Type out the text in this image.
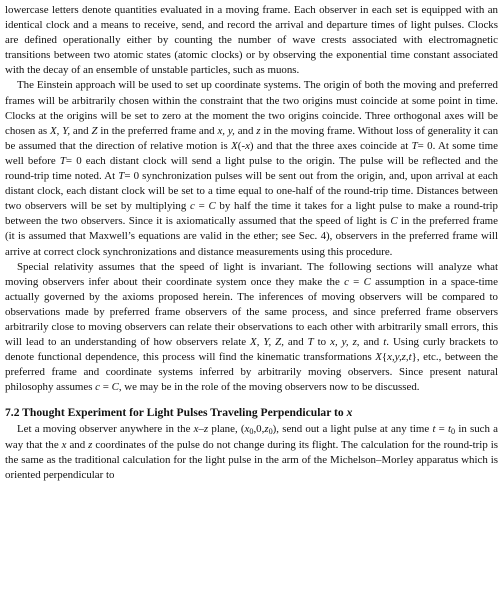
lowercase letters denote quantities evaluated in a moving frame. Each observer in each set is equipped with an identical clock and a means to receive, send, and record the arrival and departure times of light pulses. Clocks are defined operationally either by counting the number of wave crests associated with electromagnetic transitions between two atomic states (atomic clocks) or by observing the exponential time constant associated with the decay of an ensemble of unstable particles, such as muons.

The Einstein approach will be used to set up coordinate systems. The origin of both the moving and preferred frames will be arbitrarily chosen within the constraint that the two origins must coincide at some point in time. Clocks at the origins will be set to zero at the moment the two origins coincide. Three orthogonal axes will be chosen as X, Y, and Z in the preferred frame and x, y, and z in the moving frame. Without loss of generality it can be assumed that the direction of relative motion is X(-x) and that the three axes coincide at T= 0. At some time well before T= 0 each distant clock will send a light pulse to the origin. The pulse will be reflected and the round-trip time noted. At T= 0 synchronization pulses will be sent out from the origin, and, upon arrival at each distant clock, each distant clock will be set to a time equal to one-half of the round-trip time. Distances between two observers will be set by multiplying c = C by half the time it takes for a light pulse to make a round-trip between the two observers. Since it is axiomatically assumed that the speed of light is C in the preferred frame (it is assumed that Maxwell’s equations are valid in the ether; see Sec. 4), observers in the preferred frame will arrive at correct clock synchronizations and distance measurements using this procedure.

Special relativity assumes that the speed of light is invariant. The following sections will analyze what moving observers infer about their coordinate system once they make the c = C assumption in a space-time actually governed by the axioms proposed herein. The inferences of moving observers will be compared to observations made by preferred frame observers of the same process, and since preferred frame observers arbitrarily close to moving observers can relate their observations to each other with arbitrarily small errors, this will lead to an understanding of how observers relate X, Y, Z, and T to x, y, z, and t. Using curly brackets to denote functional dependence, this process will find the kinematic transformations X{x,y,z,t}, etc., between the preferred frame and coordinate systems inferred by arbitrarily moving observers. Since present natural philosophy assumes c = C, we may be in the role of the moving observers now to be discussed.

7.2 Thought Experiment for Light Pulses Traveling Perpendicular to x

Let a moving observer anywhere in the x–z plane, $(x_0,0,z_0)$, send out a light pulse at any time $t = t_0$ in such a way that the x and z coordinates of the pulse do not change during its flight. The calculation for the round-trip is the same as the traditional calculation for the light pulse in the arm of the Michelson–Morley apparatus which is oriented perpendicular to
